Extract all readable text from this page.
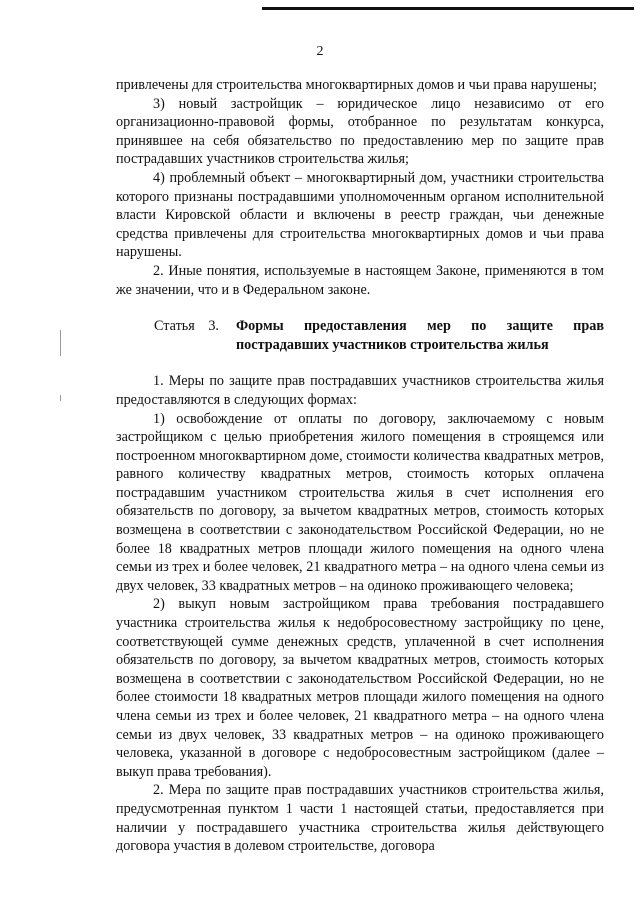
2

привлечены для строительства многоквартирных домов и чьи права нарушены;

3) новый застройщик – юридическое лицо независимо от его организационно-правовой формы, отобранное по результатам конкурса, принявшее на себя обязательство по предоставлению мер по защите прав пострадавших участников строительства жилья;

4) проблемный объект – многоквартирный дом, участники строительства которого признаны пострадавшими уполномоченным органом исполнительной власти Кировской области и включены в реестр граждан, чьи денежные средства привлечены для строительства многоквартирных домов и чьи права нарушены.

2. Иные понятия, используемые в настоящем Законе, применяются в том же значении, что и в Федеральном законе.

Статья 3.	Формы предоставления мер по защите прав пострадавших участников строительства жилья

1. Меры по защите прав пострадавших участников строительства жилья предоставляются в следующих формах:

1) освобождение от оплаты по договору, заключаемому с новым застройщиком с целью приобретения жилого помещения в строящемся или построенном многоквартирном доме, стоимости количества квадратных метров, равного количеству квадратных метров, стоимость которых оплачена пострадавшим участником строительства жилья в счет исполнения его обязательств по договору, за вычетом квадратных метров, стоимость которых возмещена в соответствии с законодательством Российской Федерации, но не более 18 квадратных метров площади жилого помещения на одного члена семьи из трех и более человек, 21 квадратного метра – на одного члена семьи из двух человек, 33 квадратных метров – на одиноко проживающего человека;

2) выкуп новым застройщиком права требования пострадавшего участника строительства жилья к недобросовестному застройщику по цене, соответствующей сумме денежных средств, уплаченной в счет исполнения обязательств по договору, за вычетом квадратных метров, стоимость которых возмещена в соответствии с законодательством Российской Федерации, но не более стоимости 18 квадратных метров площади жилого помещения на одного члена семьи из трех и более человек, 21 квадратного метра – на одного члена семьи из двух человек, 33 квадратных метров – на одиноко проживающего человека, указанной в договоре с недобросовестным застройщиком (далее – выкуп права требования).

2. Мера по защите прав пострадавших участников строительства жилья, предусмотренная пунктом 1 части 1 настоящей статьи, предоставляется при наличии у пострадавшего участника строительства жилья действующего договора участия в долевом строительстве, договора
